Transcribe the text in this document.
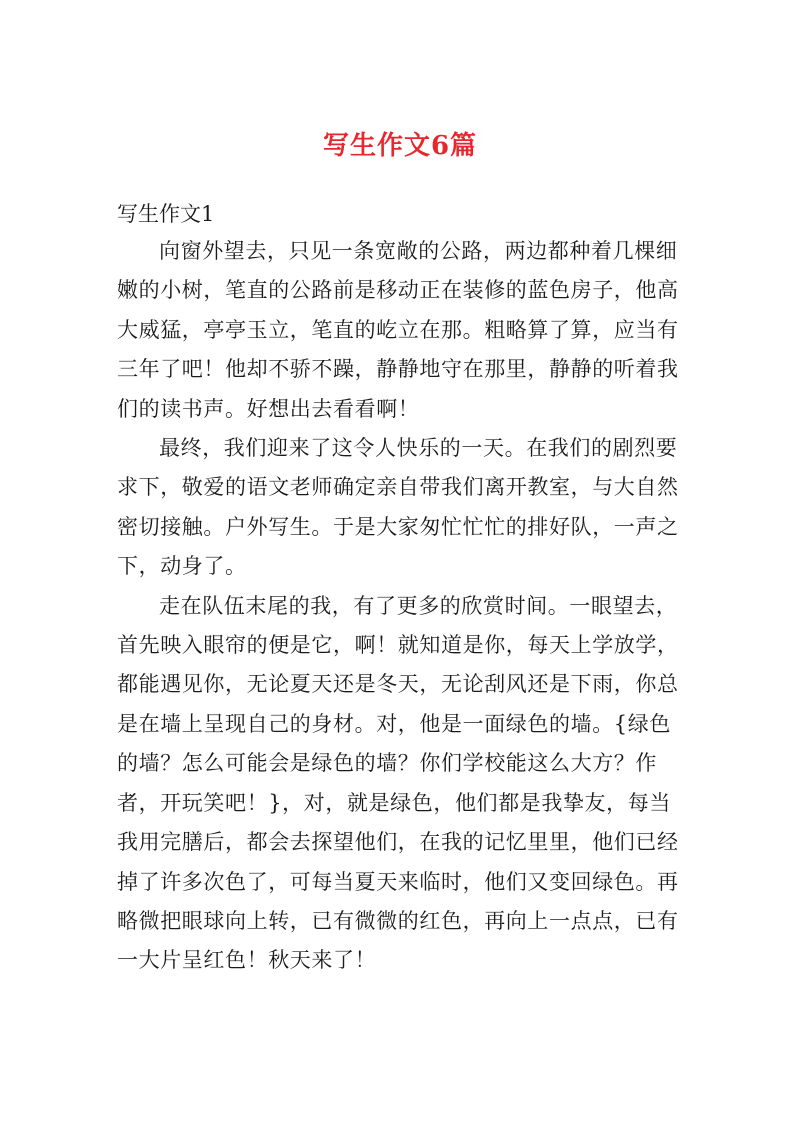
写生作文6篇

写生作文1

向窗外望去，只见一条宽敞的公路，两边都种着几棵细
嫩的小树，笔直的公路前是移动正在装修的蓝色房子，他高
大威猛，亭亭玉立，笔直的屹立在那。粗略算了算，应当有
三年了吧！他却不骄不躁，静静地守在那里，静静的听着我
们的读书声。好想出去看看啊！

最终，我们迎来了这令人快乐的一天。在我们的剧烈要
求下，敬爱的语文老师确定亲自带我们离开教室，与大自然
密切接触。户外写生。于是大家匆忙忙忙的排好队，一声之
下，动身了。

走在队伍末尾的我，有了更多的欣赏时间。一眼望去，
首先映入眼帘的便是它，啊！就知道是你，每天上学放学，
都能遇见你，无论夏天还是冬天，无论刮风还是下雨，你总
是在墙上呈现自己的身材。对，他是一面绿色的墙。{绿色
的墙？怎么可能会是绿色的墙？你们学校能这么大方？作
者，开玩笑吧！}，对，就是绿色，他们都是我挚友，每当
我用完膳后，都会去探望他们，在我的记忆里里，他们已经
掉了许多次色了，可每当夏天来临时，他们又变回绿色。再
略微把眼球向上转，已有微微的红色，再向上一点点，已有
一大片呈红色！秋天来了！
